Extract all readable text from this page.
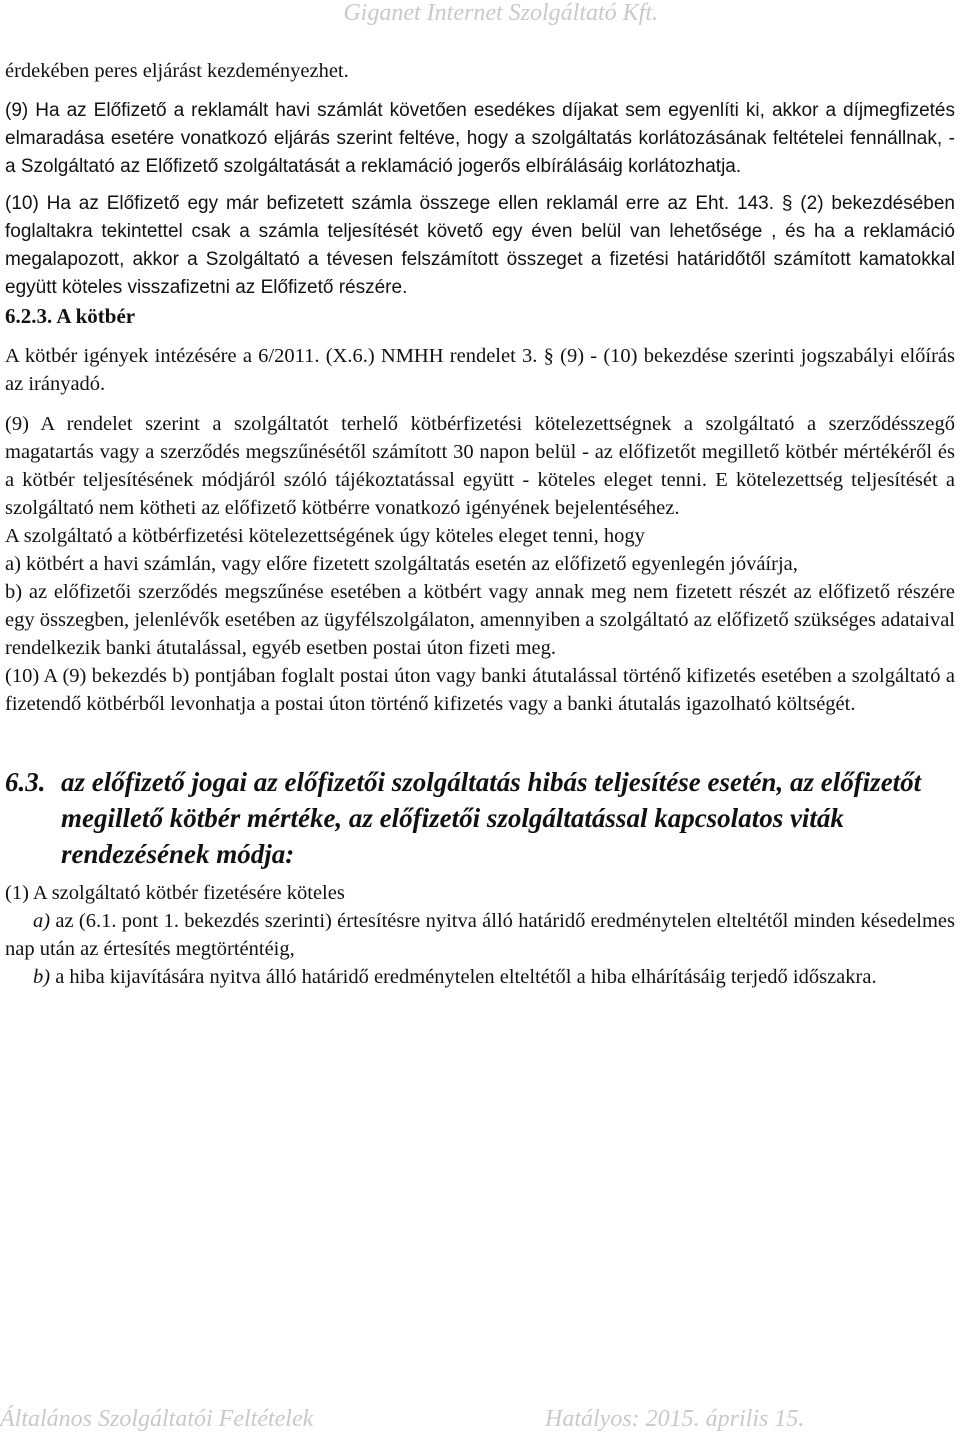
Giganet Internet Szolgáltató Kft.

érdekében peres eljárást kezdeményezhet.

(9) Ha az Előfizető a reklamált havi számlát követően esedékes díjakat sem egyenlíti ki, akkor a díjmegfizetés elmaradása esetére vonatkozó eljárás szerint feltéve, hogy a szolgáltatás korlátozásának feltételei fennállnak, - a Szolgáltató az Előfizető szolgáltatását a reklamáció jogerős elbírálásáig korlátozhatja.

(10) Ha az Előfizető egy már befizetett számla összege ellen reklamál erre az Eht. 143. § (2) bekezdésében foglaltakra tekintettel csak a számla teljesítését követő egy éven belül van lehetősége , és ha a reklamáció megalapozott, akkor a Szolgáltató a tévesen felszámított összeget a fizetési határidőtől számított kamatokkal együtt köteles visszafizetni az Előfizető részére.

6.2.3. A kötbér

A kötbér igények intézésére a 6/2011. (X.6.) NMHH rendelet 3. § (9) - (10) bekezdése szerinti jogszabályi előírás az irányadó.

(9) A rendelet szerint a szolgáltatót terhelő kötbérfizetési kötelezettségnek a szolgáltató a szerződésszegő magatartás vagy a szerződés megszűnésétől számított 30 napon belül - az előfizetőt megillető kötbér mértékéről és a kötbér teljesítésének módjáról szóló tájékoztatással együtt - köteles eleget tenni. E kötelezettség teljesítését a szolgáltató nem kötheti az előfizető kötbérre vonatkozó igényének bejelentéséhez.

A szolgáltató a kötbérfizetési kötelezettségének úgy köteles eleget tenni, hogy

a) kötbért a havi számlán, vagy előre fizetett szolgáltatás esetén az előfizető egyenlegén jóváírja,

b) az előfizetői szerződés megszűnése esetében a kötbért vagy annak meg nem fizetett részét az előfizető részére egy összegben, jelenlévők esetében az ügyfélszolgálaton, amennyiben a szolgáltató az előfizető szükséges adataival rendelkezik banki átutalással, egyéb esetben postai úton fizeti meg.

(10) A (9) bekezdés b) pontjában foglalt postai úton vagy banki átutalással történő kifizetés esetében a szolgáltató a fizetendő kötbérből levonhatja a postai úton történő kifizetés vagy a banki átutalás igazolható költségét.

6.3. az előfizető jogai az előfizetői szolgáltatás hibás teljesítése esetén, az előfizetőt megillető kötbér mértéke, az előfizetői szolgáltatással kapcsolatos viták rendezésének módja:

(1) A szolgáltató kötbér fizetésére köteles

a) az (6.1. pont 1. bekezdés szerinti) értesítésre nyitva álló határidő eredménytelen elteltétől minden késedelmes nap után az értesítés megtörténtéig,

b) a hiba kijavítására nyitva álló határidő eredménytelen elteltétől a hiba elhárításáig terjedő időszakra.

Általános Szolgáltatói Feltételek	Hatályos: 2015. április 15.
